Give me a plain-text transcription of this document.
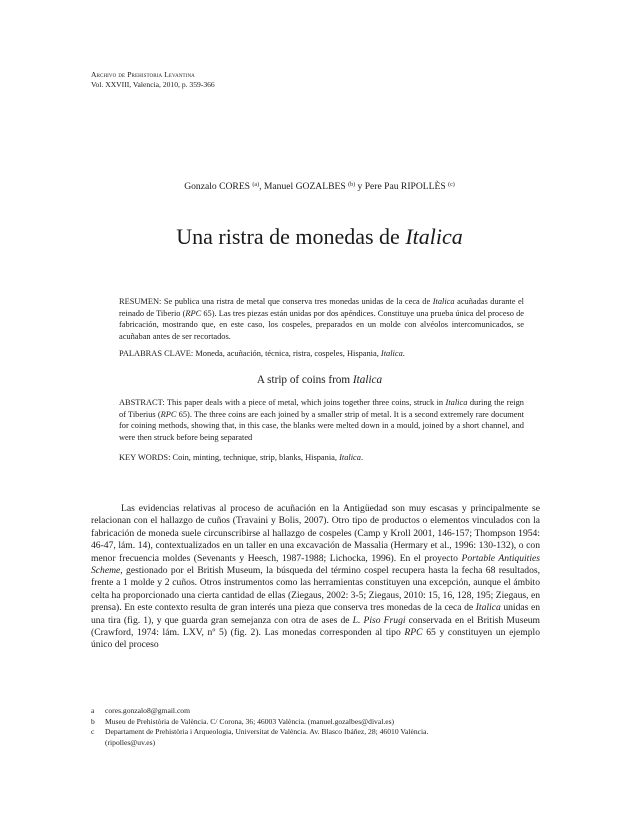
Archivo de Prehistoria Levantina
Vol. XXVIII, Valencia, 2010, p. 359-366
Gonzalo CORES $^{(a)}$, Manuel GOZALBES $^{(b)}$ y Pere Pau RIPOLLÈS $^{(c)}$
Una ristra de monedas de Italica
RESUMEN: Se publica una ristra de metal que conserva tres monedas unidas de la ceca de Italica acuñadas durante el reinado de Tiberio (RPC 65). Las tres piezas están unidas por dos apéndices. Constituye una prueba única del proceso de fabricación, mostrando que, en este caso, los cospeles, preparados en un molde con alvéolos intercomunicados, se acuñaban antes de ser recortados.
PALABRAS CLAVE: Moneda, acuñación, técnica, ristra, cospeles, Hispania, Italica.
A strip of coins from Italica
ABSTRACT: This paper deals with a piece of metal, which joins together three coins, struck in Italica during the reign of Tiberius (RPC 65). The three coins are each joined by a smaller strip of metal. It is a second extremely rare document for coining methods, showing that, in this case, the blanks were melted down in a mould, joined by a short channel, and were then struck before being separated
KEY WORDS: Coin, minting, technique, strip, blanks, Hispania, Italica.
Las evidencias relativas al proceso de acuñación en la Antigüedad son muy escasas y principalmente se relacionan con el hallazgo de cuños (Travaini y Bolis, 2007). Otro tipo de productos o elementos vinculados con la fabricación de moneda suele circunscribirse al hallazgo de cospeles (Camp y Kroll 2001, 146-157; Thompson 1954: 46-47, lám. 14), contextualizados en un taller en una excavación de Massalia (Hermary et al., 1996: 130-132), o con menor frecuencia moldes (Sevenants y Heesch, 1987-1988; Lichocka, 1996). En el proyecto Portable Antiquities Scheme, gestionado por el British Museum, la búsqueda del término cospel recupera hasta la fecha 68 resultados, frente a 1 molde y 2 cuños. Otros instrumentos como las herramientas constituyen una excepción, aunque el ámbito celta ha proporcionado una cierta cantidad de ellas (Ziegaus, 2002: 3-5; Ziegaus, 2010: 15, 16, 128, 195; Ziegaus, en prensa). En este contexto resulta de gran interés una pieza que conserva tres monedas de la ceca de Italica unidas en una tira (fig. 1), y que guarda gran semejanza con otra de ases de L. Piso Frugi conservada en el British Museum (Crawford, 1974: lám. LXV, nº 5) (fig. 2). Las monedas corresponden al tipo RPC 65 y constituyen un ejemplo único del proceso
a	cores.gonzalo8@gmail.com
b	Museu de Prehistòria de València. C/ Corona, 36; 46003 València. (manuel.gozalbes@dival.es)
c	Departament de Prehistòria i Arqueologia, Universitat de València. Av. Blasco Ibáñez, 28; 46010 València.
(ripolles@uv.es)
